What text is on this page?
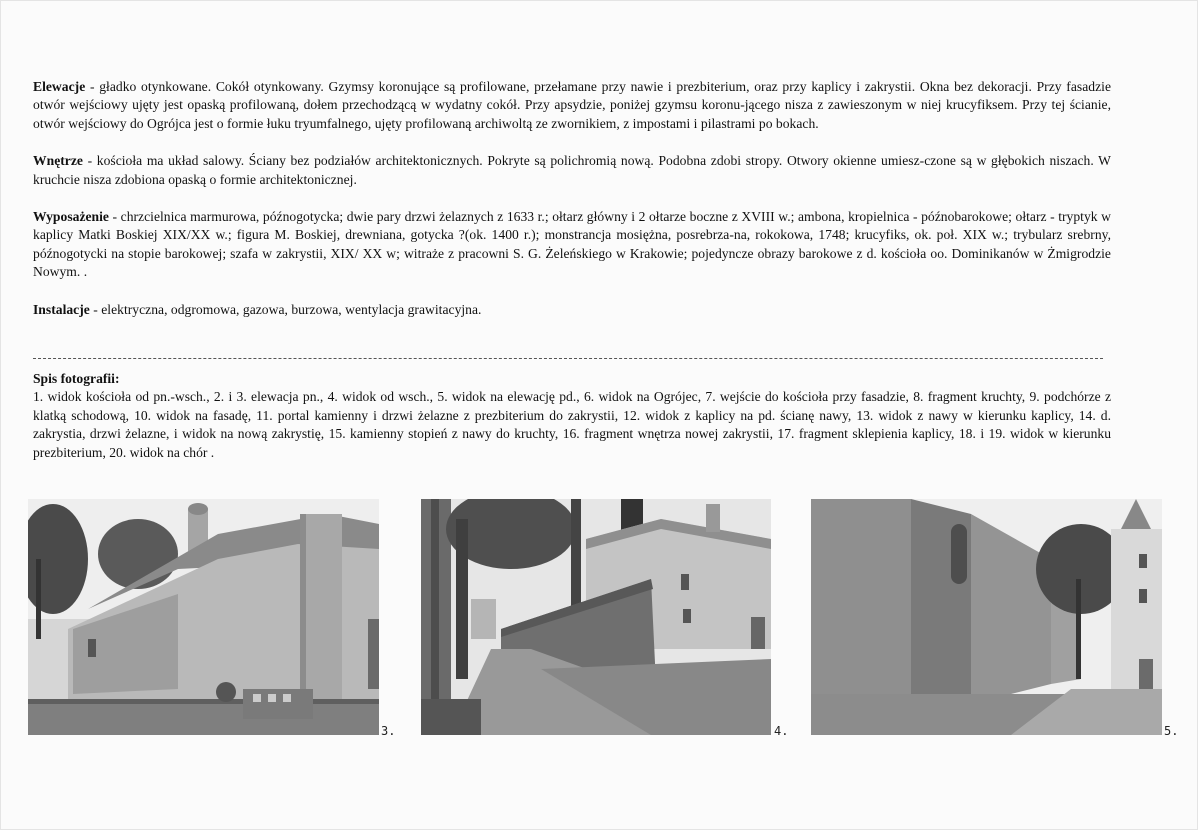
Elewacje - gładko otynkowane. Cokół otynkowany. Gzymsy koronujące są profilowane, przełamane przy nawie i prezbiterium, oraz przy kaplicy i zakrystii. Okna bez dekoracji. Przy fasadzie otwór wejściowy ujęty jest opaską profilowaną, dołem przechodzącą w wydatny cokół. Przy apsydzie, poniżej gzymsu koronu-jącego nisza z zawieszonym w niej krucyfiksem. Przy tej ścianie, otwór wejściowy do Ogrójca jest o formie łuku tryumfalnego, ujęty profilowaną archiwoltą ze zwornikiem, z impostami i pilastrami po bokach.

Wnętrze - kościoła ma układ salowy. Ściany bez podziałów architektonicznych. Pokryte są polichromią nową. Podobna zdobi stropy. Otwory okienne umiesz-czone są w głębokich niszach. W kruchcie nisza zdobiona opaską o formie architektonicznej.

Wyposażenie - chrzcielnica marmurowa, późnogotycka; dwie pary drzwi żelaznych z 1633 r.; ołtarz główny i 2 ołtarze boczne z XVIII w.; ambona, kropielnica - późnobarokowe; ołtarz - tryptyk w kaplicy Matki Boskiej XIX/XX w.; figura M. Boskiej, drewniana, gotycka ?(ok. 1400 r.); monstrancja mosiężna, posrebrza-na, rokokowa, 1748; krucyfiks, ok. poł. XIX w.; trybularz srebrny, późnogotycki na stopie barokowej; szafa w zakrystii, XIX/ XX w; witraże z pracowni S. G. Żeleńskiego w Krakowie; pojedyncze obrazy barokowe z d. kościoła oo. Dominikanów w Żmigrodzie Nowym. .

Instalacje - elektryczna, odgromowa, gazowa, burzowa, wentylacja grawitacyjna.

Spis fotografii:
1. widok kościoła od pn.-wsch., 2. i 3. elewacja pn., 4. widok od wsch., 5. widok na elewację pd., 6. widok na Ogrójec, 7. wejście do kościoła przy fasadzie, 8. fragment kruchty, 9. podchórze z klatką schodową, 10. widok na fasadę, 11. portal kamienny i drzwi żelazne z prezbiterium do zakrystii, 12. widok z kaplicy na pd. ścianę nawy, 13. widok z nawy w kierunku kaplicy, 14. d. zakrystia, drzwi żelazne, i widok na nową zakrystię, 15. kamienny stopień z nawy do kruchty, 16. fragment wnętrza nowej zakrystii, 17. fragment sklepienia kaplicy, 18. i 19. widok w kierunku prezbiterium, 20. widok na chór .
3.	4.	5.
